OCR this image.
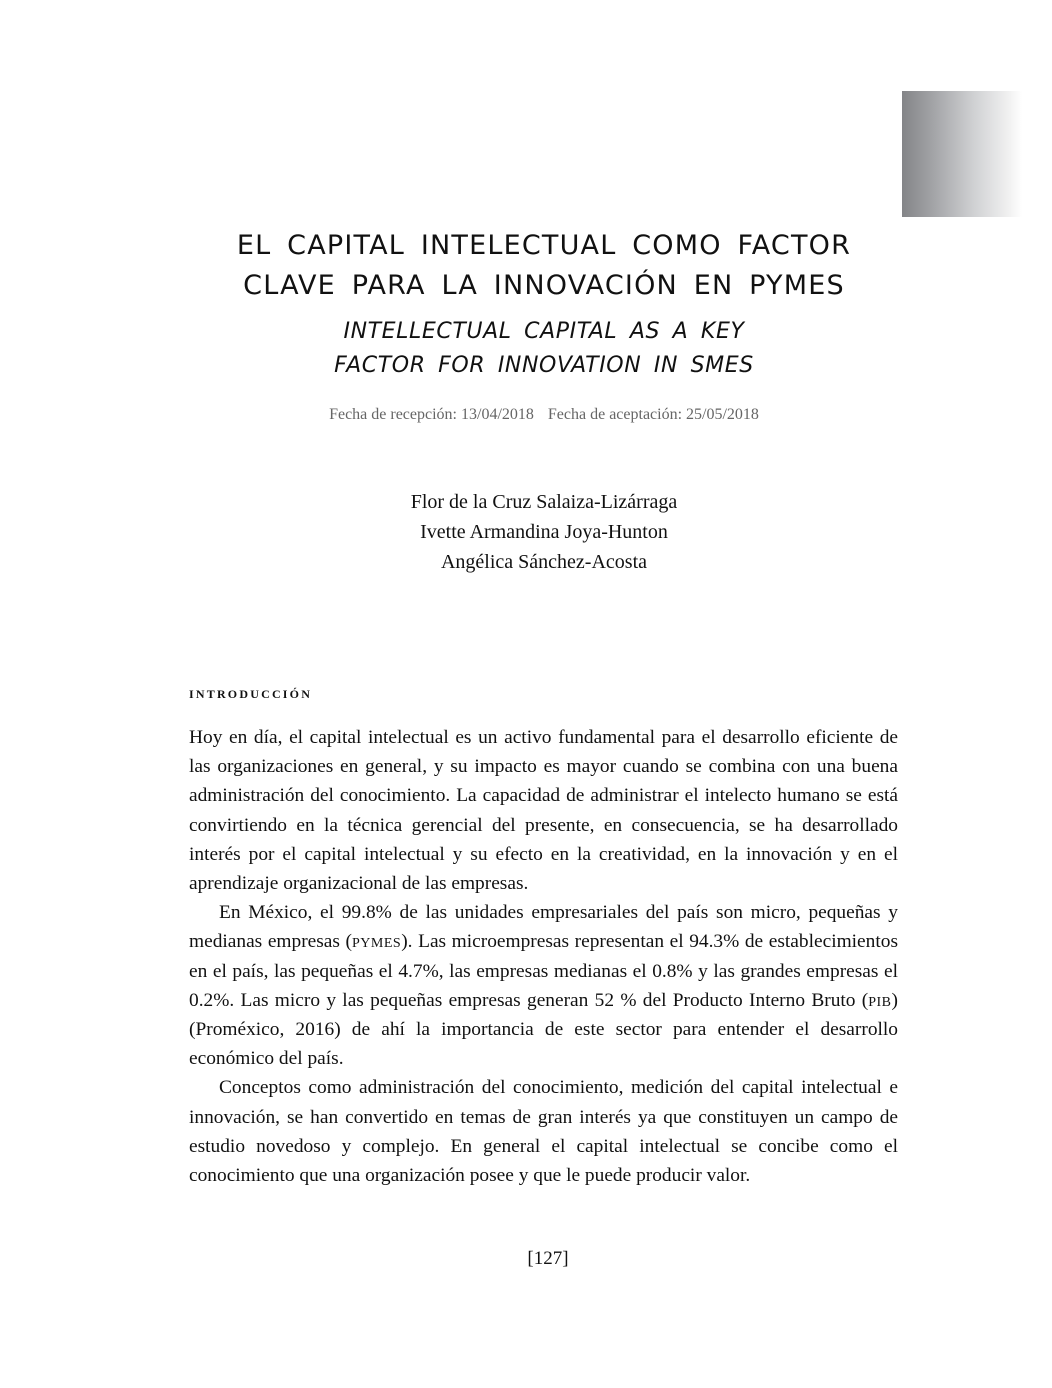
EL CAPITAL INTELECTUAL COMO FACTOR
CLAVE PARA LA INNOVACIÓN EN PYMES
INTELLECTUAL CAPITAL AS A KEY
FACTOR FOR INNOVATION IN SMES
Fecha de recepción: 13/04/2018 Fecha de aceptación: 25/05/2018
Flor de la Cruz Salaiza-Lizárraga
Ivette Armandina Joya-Hunton
Angélica Sánchez-Acosta
introducción

Hoy en día, el capital intelectual es un activo fundamental para el desarrollo eficiente de las organizaciones en general, y su impacto es mayor cuando se combina con una buena administración del conocimiento. La capacidad de administrar el intelecto humano se está convirtiendo en la técnica gerencial del presente, en consecuencia, se ha desarrollado interés por el capital intelectual y su efecto en la creatividad, en la innovación y en el aprendizaje organizacional de las empresas.

En México, el 99.8% de las unidades empresariales del país son micro, pequeñas y medianas empresas (pymes). Las microempresas representan el 94.3% de establecimientos en el país, las pequeñas el 4.7%, las empresas medianas el 0.8% y las grandes empresas el 0.2%. Las micro y las pequeñas empresas generan 52 % del Producto Interno Bruto (pib) (Proméxico, 2016) de ahí la importancia de este sector para entender el desarrollo económico del país.

Conceptos como administración del conocimiento, medición del capital intelectual e innovación, se han convertido en temas de gran interés ya que constituyen un campo de estudio novedoso y complejo. En general el capital intelectual se concibe como el conocimiento que una organización posee y que le puede producir valor.

[127]
